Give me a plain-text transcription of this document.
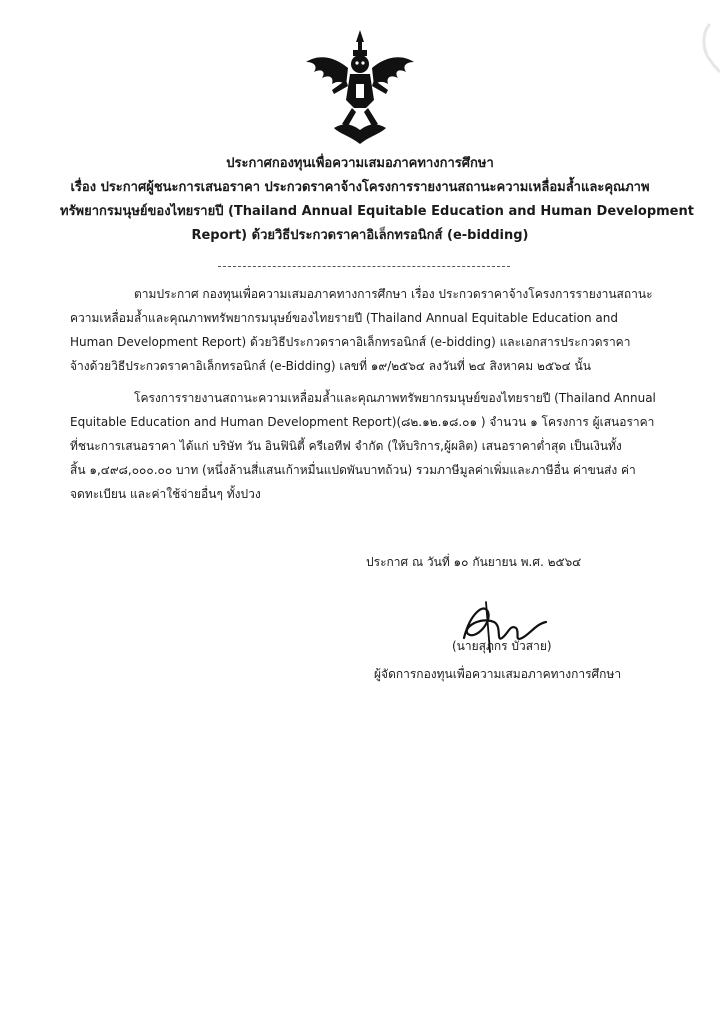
ประกาศกองทุนเพื่อความเสมอภาคทางการศึกษา
เรื่อง ประกาศผู้ชนะการเสนอราคา ประกวดราคาจ้างโครงการรายงานสถานะความเหลื่อมล้ำและคุณภาพ
ทรัพยากรมนุษย์ของไทยรายปี (Thailand Annual Equitable Education and Human Development
Report) ด้วยวิธีประกวดราคาอิเล็กทรอนิกส์ (e-bidding)
ตามประกาศ กองทุนเพื่อความเสมอภาคทางการศึกษา เรื่อง ประกวดราคาจ้างโครงการรายงานสถานะ
ความเหลื่อมล้ำและคุณภาพทรัพยากรมนุษย์ของไทยรายปี (Thailand Annual Equitable Education and
Human Development Report) ด้วยวิธีประกวดราคาอิเล็กทรอนิกส์ (e-bidding) และเอกสารประกวดราคา
จ้างด้วยวิธีประกวดราคาอิเล็กทรอนิกส์ (e-Bidding) เลขที่ ๑๙/๒๕๖๔ ลงวันที่ ๒๔ สิงหาคม ๒๕๖๔ นั้น
โครงการรายงานสถานะความเหลื่อมล้ำและคุณภาพทรัพยากรมนุษย์ของไทยรายปี (Thailand Annual
Equitable Education and Human Development Report)(๘๒.๑๒.๑๘.๐๑ ) จำนวน ๑ โครงการ ผู้เสนอราคา
ที่ชนะการเสนอราคา ได้แก่ บริษัท วัน อินฟินิตี้ ครีเอทีฟ จำกัด (ให้บริการ,ผู้ผลิต) เสนอราคาต่ำสุด เป็นเงินทั้ง
สิ้น ๑,๔๙๘,๐๐๐.๐๐ บาท (หนึ่งล้านสี่แสนเก้าหมื่นแปดพันบาทถ้วน) รวมภาษีมูลค่าเพิ่มและภาษีอื่น ค่าขนส่ง ค่า
จดทะเบียน และค่าใช้จ่ายอื่นๆ ทั้งปวง
ประกาศ ณ วันที่ ๑๐ กันยายน พ.ศ. ๒๕๖๔
(นายสุภกร บัวสาย)
ผู้จัดการกองทุนเพื่อความเสมอภาคทางการศึกษา
